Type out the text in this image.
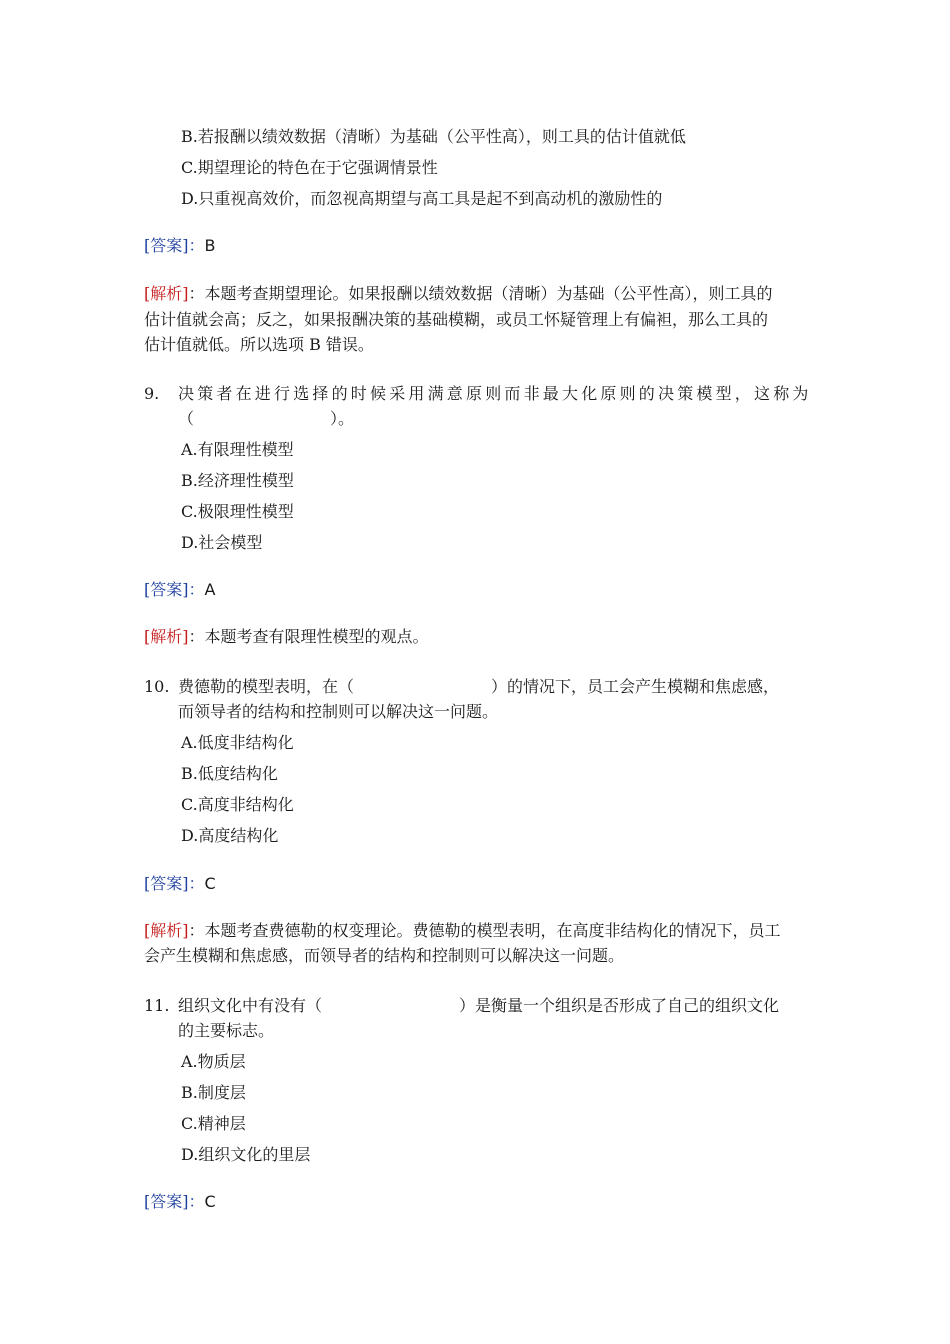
B.若报酬以绩效数据（清晰）为基础（公平性高），则工具的估计值就低
C.期望理论的特色在于它强调情景性
D.只重视高效价，而忽视高期望与高工具是起不到高动机的激励性的
[答案]：B
[解析]：本题考查期望理论。如果报酬以绩效数据（清晰）为基础（公平性高），则工具的
估计值就会高；反之，如果报酬决策的基础模糊，或员工怀疑管理上有偏袒，那么工具的
估计值就低。所以选项 B 错误。
9. 决策者在进行选择的时候采用满意原则而非最大化原则的决策模型，这称为
（	）。
A.有限理性模型
B.经济理性模型
C.极限理性模型
D.社会模型
[答案]：A
[解析]：本题考查有限理性模型的观点。
10. 费德勒的模型表明，在（	）的情况下，员工会产生模糊和焦虑感，
而领导者的结构和控制则可以解决这一问题。
A.低度非结构化
B.低度结构化
C.高度非结构化
D.高度结构化
[答案]：C
[解析]：本题考查费德勒的权变理论。费德勒的模型表明，在高度非结构化的情况下，员工
会产生模糊和焦虑感，而领导者的结构和控制则可以解决这一问题。
11. 组织文化中有没有（	）是衡量一个组织是否形成了自己的组织文化
的主要标志。
A.物质层
B.制度层
C.精神层
D.组织文化的里层
[答案]：C
